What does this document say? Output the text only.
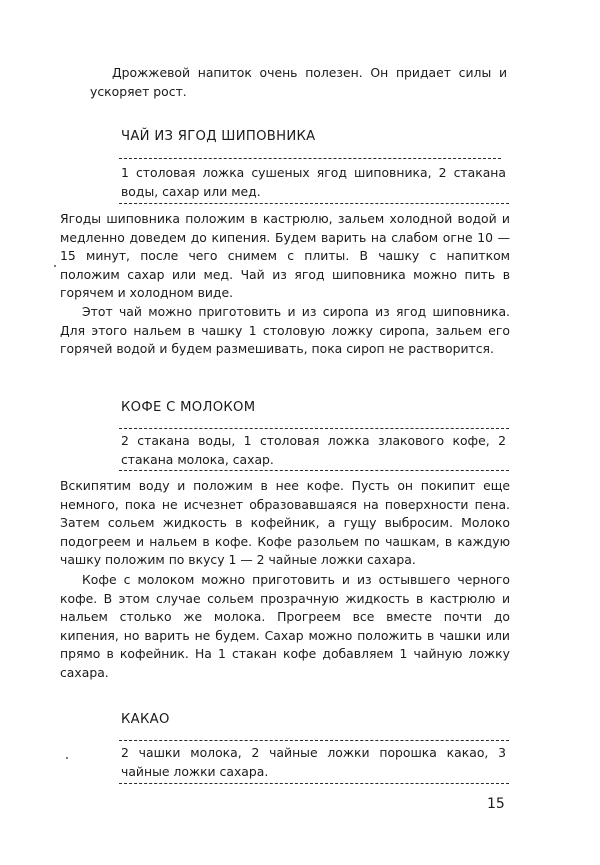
Дрожжевой напиток очень полезен. Он придает силы и ускоряет рост.

ЧАЙ ИЗ ЯГОД ШИПОВНИКА

1 столовая ложка сушеных ягод шиповника, 2 стакана воды, сахар или мед.

Ягоды шиповника положим в кастрюлю, зальем холодной водой и медленно доведем до кипения. Будем варить на слабом огне 10 — 15 минут, после чего снимем с плиты. В чашку с напитком положим сахар или мед. Чай из ягод шиповника можно пить в горячем и холодном виде.

Этот чай можно приготовить и из сиропа из ягод шиповника. Для этого нальем в чашку 1 столовую ложку сиропа, зальем его горячей водой и будем размешивать, пока сироп не растворится.

КОФЕ С МОЛОКОМ

2 стакана воды, 1 столовая ложка злакового кофе, 2 стакана молока, сахар.

Вскипятим воду и положим в нее кофе. Пусть он покипит еще немного, пока не исчезнет образовавшаяся на поверхности пена. Затем сольем жидкость в кофейник, а гущу выбросим. Молоко подогреем и нальем в кофе. Кофе разольем по чашкам, в каждую чашку положим по вкусу 1 — 2 чайные ложки сахара.

Кофе с молоком можно приготовить и из остывшего черного кофе. В этом случае сольем прозрачную жидкость в кастрюлю и нальем столько же молока. Прогреем все вместе почти до кипения, но варить не будем. Сахар можно положить в чашки или прямо в кофейник. На 1 стакан кофе добавляем 1 чайную ложку сахара.

КАКАО

2 чашки молока, 2 чайные ложки порошка какао, 3 чайные ложки сахара.

15
